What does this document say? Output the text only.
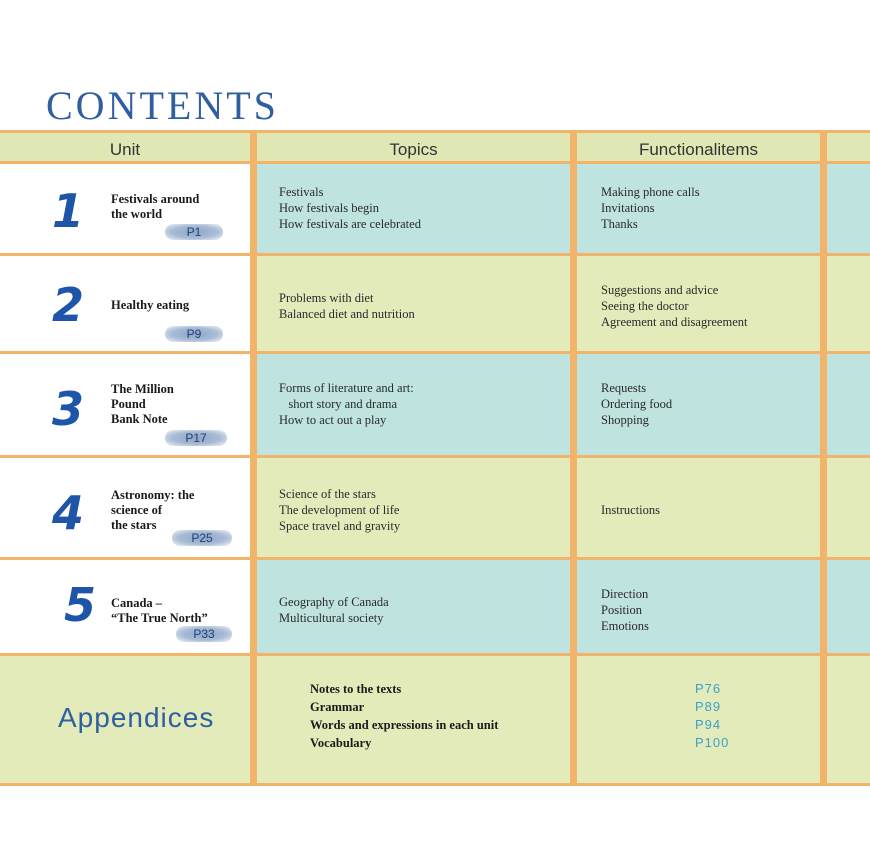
CONTENTS
Unit	Topics	Functionalitems
1 Festivals around
the world
P1
Festivals
How festivals begin
How festivals are celebrated
Making phone calls
Invitations
Thanks
2 Healthy eating
P9
Problems with diet
Balanced diet and nutrition
Suggestions and advice
Seeing the doctor
Agreement and disagreement
3 The Million
Pound
Bank Note
P17
Forms of literature and art:
short story and drama
How to act out a play
Requests
Ordering food
Shopping
4 Astronomy: the
science of
the stars
P25
Science of the stars
The development of life
Space travel and gravity
Instructions
5 Canada –
“The True North”
P33
Geography of Canada
Multicultural society
Direction
Position
Emotions
Appendices
Notes to the texts
Grammar
Words and expressions in each unit
Vocabulary
P76
P89
P94
P100
